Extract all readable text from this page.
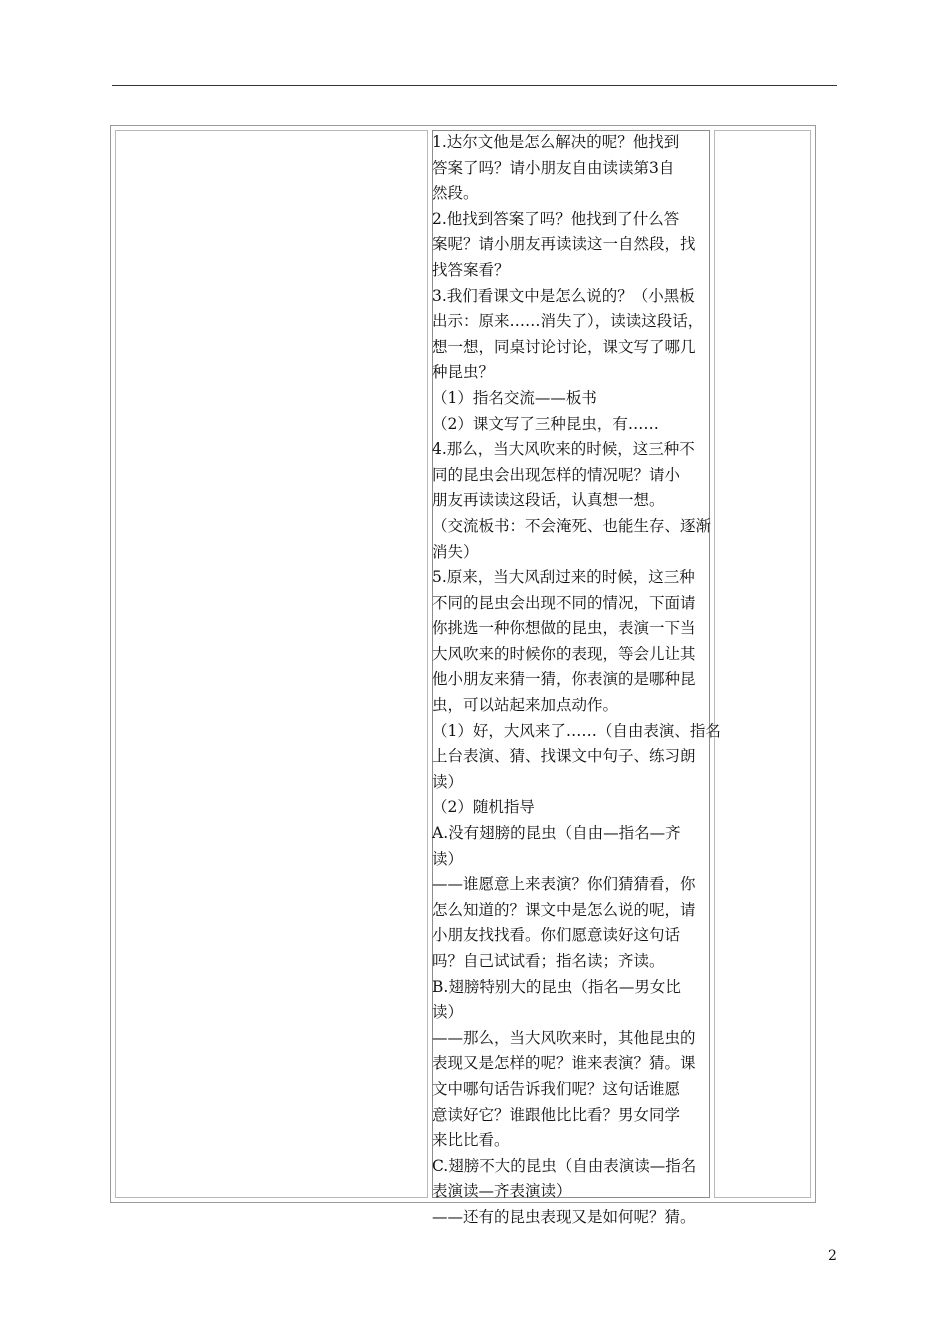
1.达尔文他是怎么解决的呢？他找到
答案了吗？请小朋友自由读读第3自
然段。
2.他找到答案了吗？他找到了什么答
案呢？请小朋友再读读这一自然段，找
找答案看？
3.我们看课文中是怎么说的？（小黑板
出示：原来……消失了），读读这段话，
想一想，同桌讨论讨论，课文写了哪几
种昆虫？
（1）指名交流——板书
（2）课文写了三种昆虫，有……
4.那么，当大风吹来的时候，这三种不
同的昆虫会出现怎样的情况呢？请小
朋友再读读这段话，认真想一想。
（交流板书：不会淹死、也能生存、逐渐
消失）
5.原来，当大风刮过来的时候，这三种
不同的昆虫会出现不同的情况，下面请
你挑选一种你想做的昆虫，表演一下当
大风吹来的时候你的表现，等会儿让其
他小朋友来猜一猜，你表演的是哪种昆
虫，可以站起来加点动作。
（1）好，大风来了……（自由表演、指名
上台表演、猜、找课文中句子、练习朗
读）
（2）随机指导
A.没有翅膀的昆虫（自由—指名—齐
读）
——谁愿意上来表演？你们猜猜看，你
怎么知道的？课文中是怎么说的呢，请
小朋友找找看。你们愿意读好这句话
吗？自己试试看；指名读；齐读。
B.翅膀特别大的昆虫（指名—男女比
读）
——那么，当大风吹来时，其他昆虫的
表现又是怎样的呢？谁来表演？猜。课
文中哪句话告诉我们呢？这句话谁愿
意读好它？谁跟他比比看？男女同学
来比比看。
C.翅膀不大的昆虫（自由表演读—指名
表演读—齐表演读）
——还有的昆虫表现又是如何呢？猜。
2
